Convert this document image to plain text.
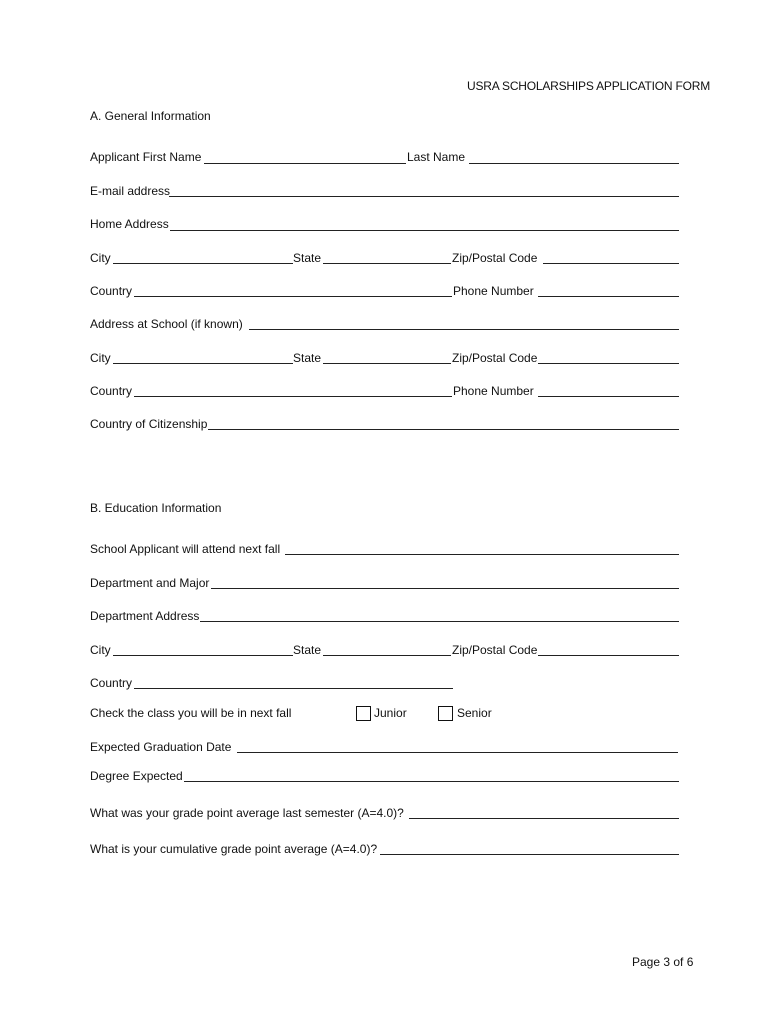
USRA SCHOLARSHIPS APPLICATION FORM
A. General Information
Applicant First Name	Last Name
E-mail address
Home Address
City	State	Zip/Postal Code
Country	Phone Number
Address at School (if known)
City	State	Zip/Postal Code
Country	Phone Number
Country of Citizenship
B. Education Information
School Applicant will attend next fall
Department and Major
Department Address
City	State	Zip/Postal Code
Country
Check the class you will be in next fall	Junior	Senior
Expected Graduation Date
Degree Expected
What was your grade point average last semester (A=4.0)?
What is your cumulative grade point average (A=4.0)?
Page 3 of 6
